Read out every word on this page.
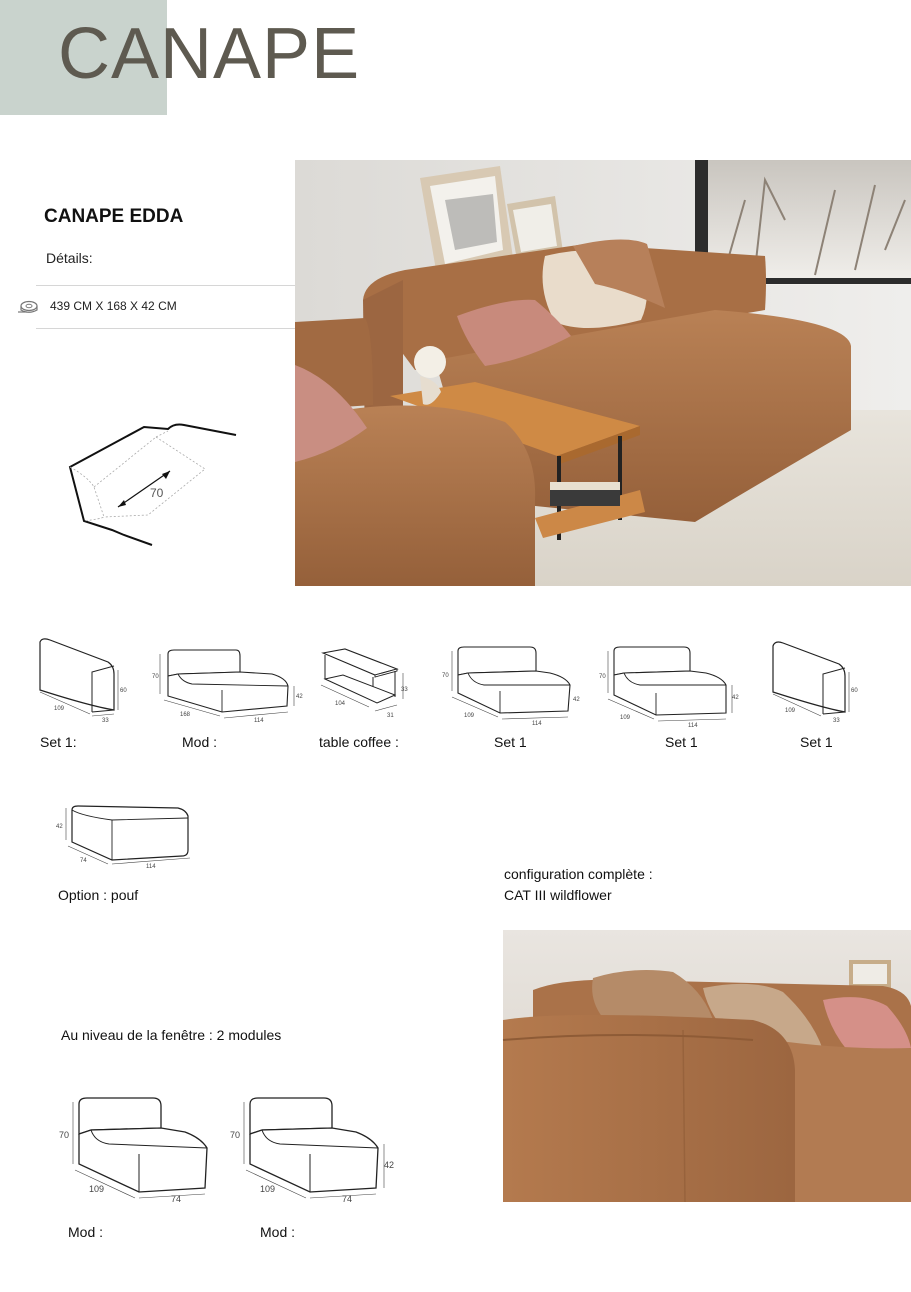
CANAPE
CANAPE EDDA
Détails:
439 CM X 168 X 42 CM
70
109
33
60
168
114
70
42
104
31
33
109
114
70
42
109
114
70
42
109
33
60
Set 1:	Mod :	table coffee :	Set 1	Set 1	Set 1
42
74
114
Option : pouf
configuration complète :
CAT III wildflower
Au niveau de la fenêtre : 2 modules
70
109
74
70
109
74
42
Mod :	Mod :
